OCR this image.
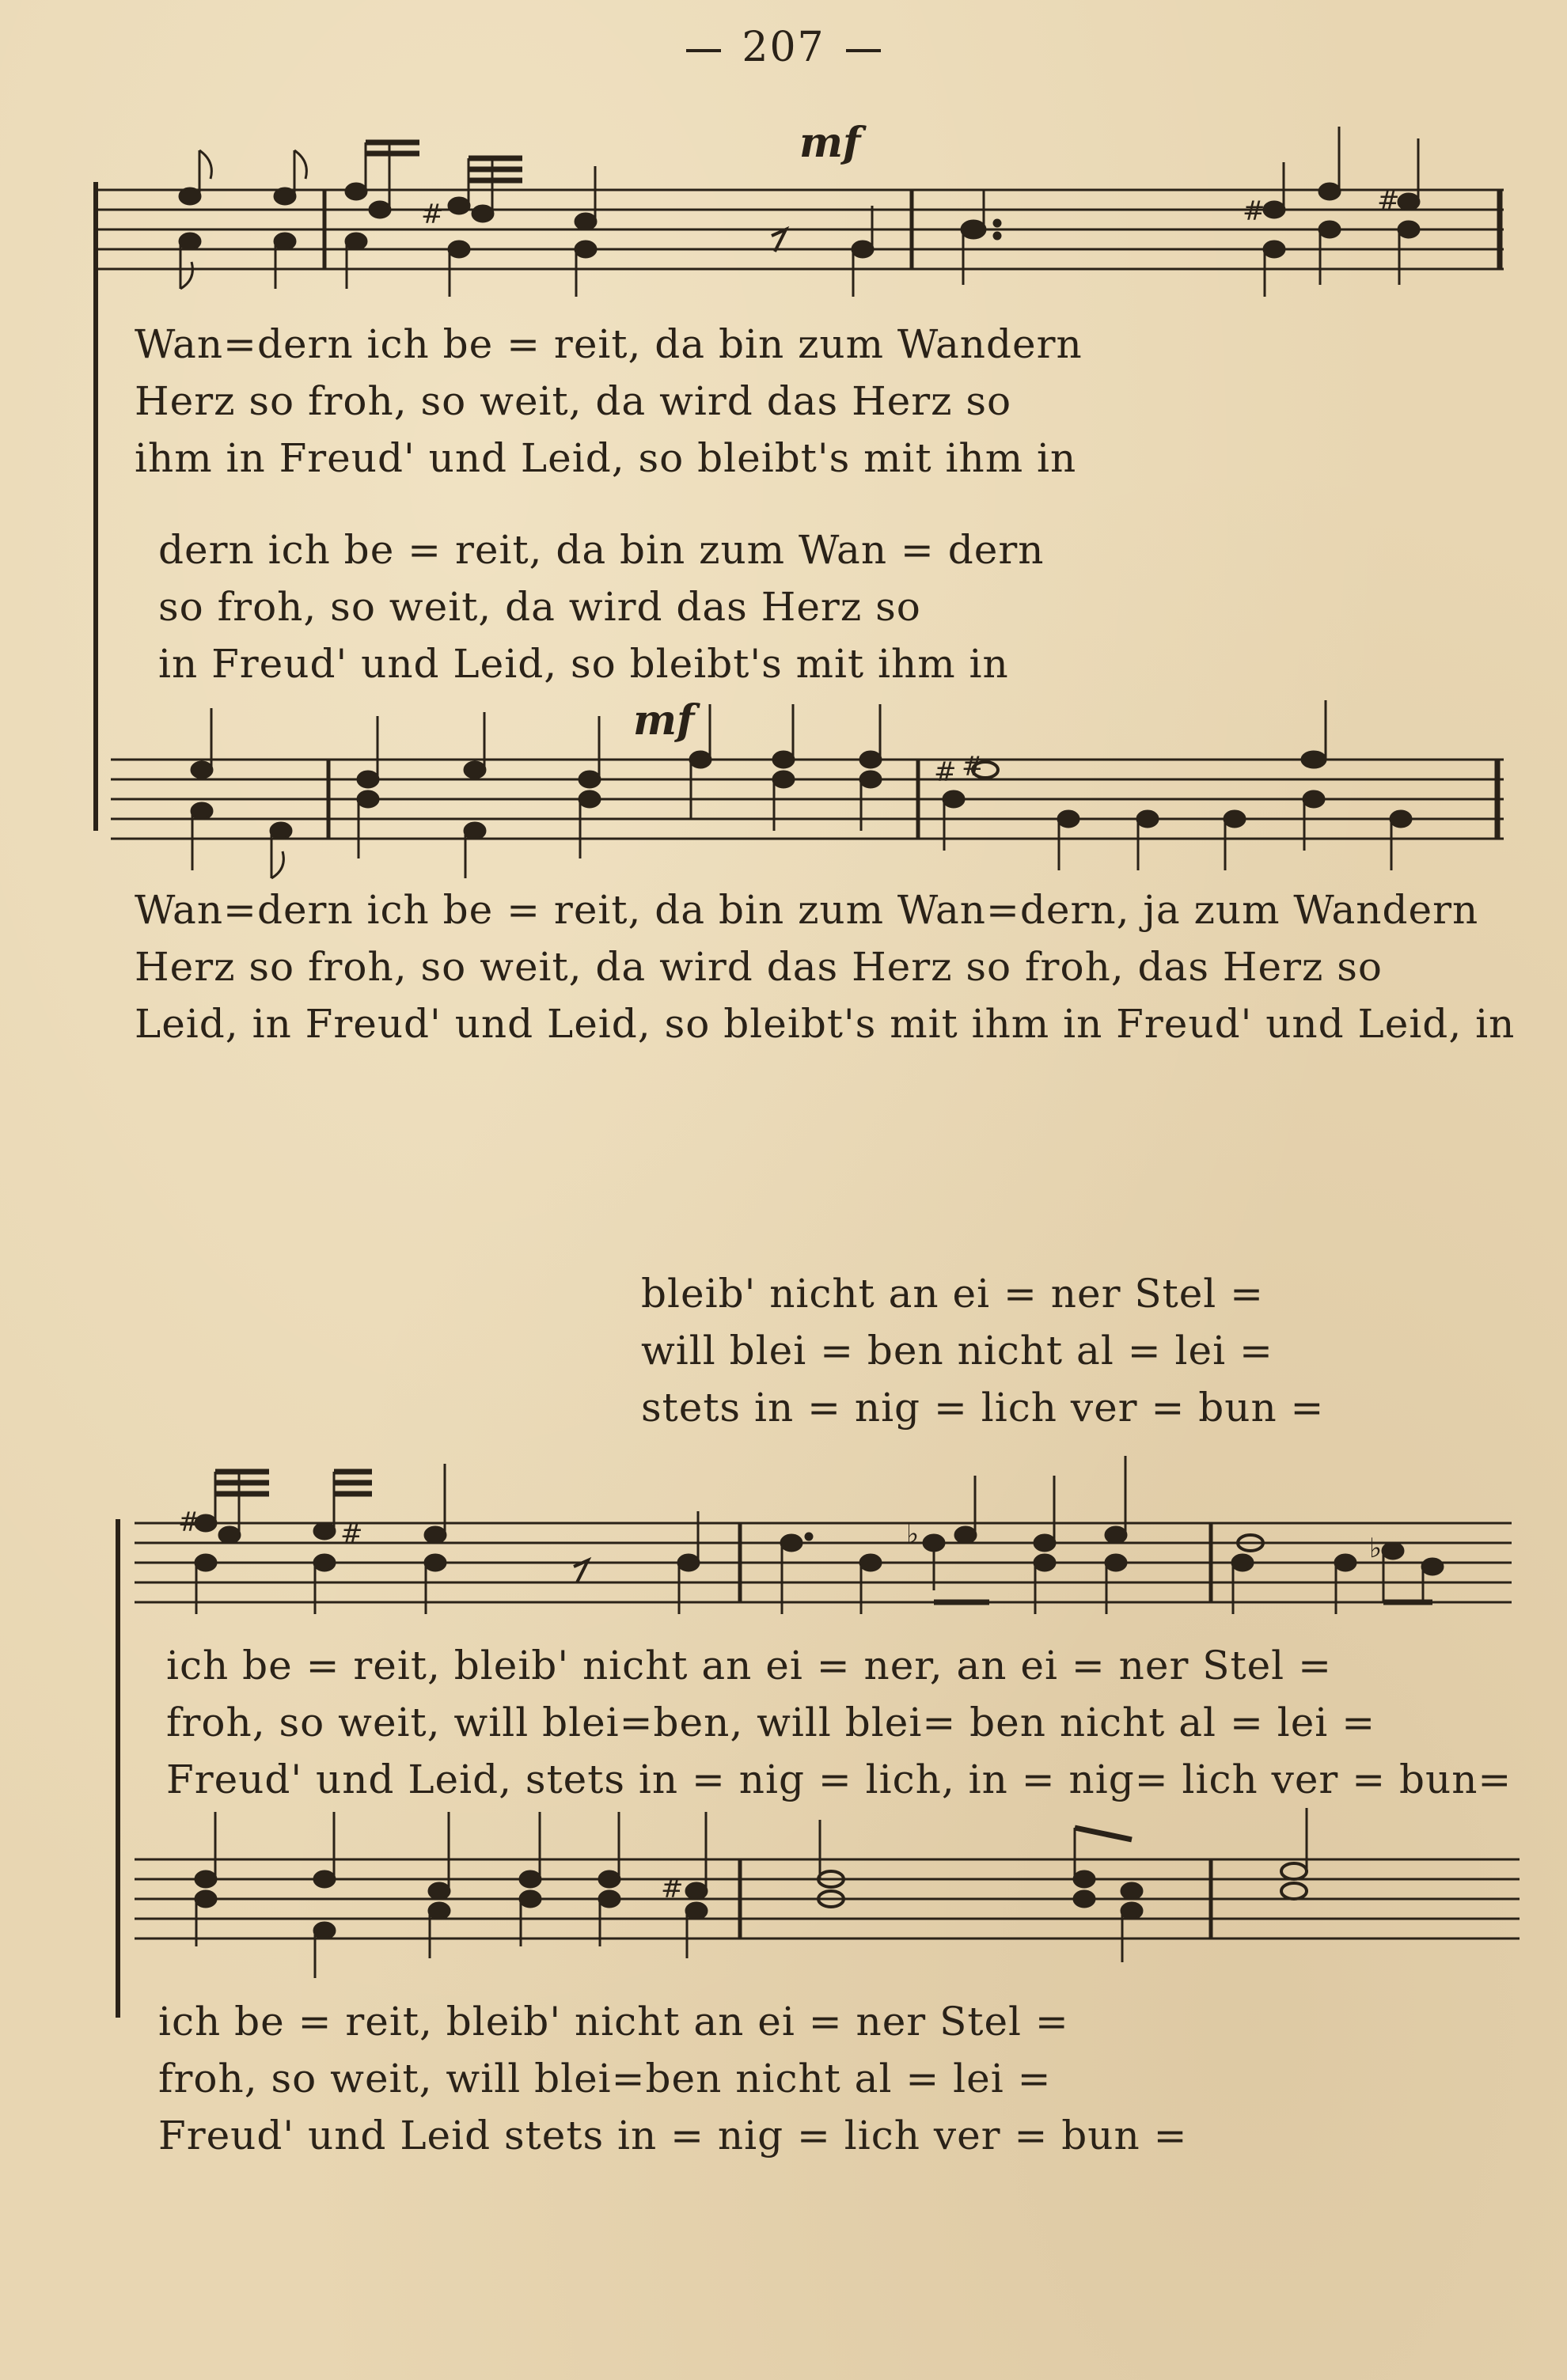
207
#	#
#
mf
Wan=dern ich be = reit, da bin zum Wandern
Herz so froh, so weit, da wird das Herz so
ihm in Freud' und Leid, so bleibt's mit ihm in
dern ich be = reit, da bin zum Wan = dern
so froh, so weit, da wird das Herz so
in Freud' und Leid, so bleibt's mit ihm in
# #
mf
Wan=dern ich be = reit, da bin zum Wan=dern, ja zum Wandern
Herz so froh, so weit, da wird das Herz so froh, das Herz so
Leid, in Freud' und Leid, so bleibt's mit ihm in Freud' und Leid, in
bleib' nicht an ei = ner Stel =
will blei = ben nicht al = lei =
stets in = nig = lich ver = bun =
#	#	♭	♭
ich be = reit, bleib' nicht an ei = ner, an ei = ner Stel =
froh, so weit, will blei=ben, will blei= ben nicht al = lei =
Freud' und Leid, stets in = nig = lich, in = nig= lich ver = bun=
#
ich be = reit, bleib' nicht an ei = ner Stel =
froh, so weit, will blei=ben nicht al = lei =
Freud' und Leid stets in = nig = lich ver = bun =
